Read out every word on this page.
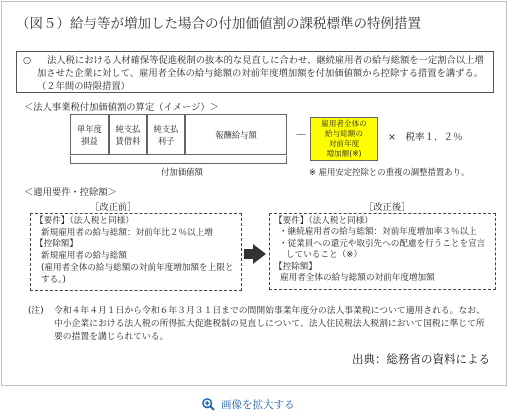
（図５）給与等が増加した場合の付加価値割の課税標準の特例措置
○	法人税における人材確保等促進税制の抜本的な見直しに合わせ、継続雇用者の給与総額を一定割合以上増加させた企業に対して、雇用者全体の給与総額の対前年度増加額を付加価値額から控除する措置を講ずる。（２年間の時限措置）
＜法人事業税付加価値割の算定（イメージ）＞
単年度
損益
純支払
賃借料
純支払
利子
報酬給与額	－
雇用者全体の
給与総額の
対前年度
増加額(※)
×　税率１．２％
付加価値額	※ 雇用安定控除との重複の調整措置あり。
＜適用要件・控除額＞
［改正前］	［改正後］
【要件】（法人税と同様）
新規雇用者の給与総額：対前年比２％以上増
【控除額】
新規雇用者の給与総額
(雇用者全体の給与総額の対前年度増加額を上限とする。)
【要件】（法人税と同様）
・継続雇用者の給与総額：対前年度増加率３％以上
・従業員への還元や取引先への配慮を行うことを宣言していること（※）
【控除額】
雇用者全体の給与総額の対前年度増加額
(注) 令和４年４月１日から令和６年３月３１日までの間開始事業年度分の法人事業税について適用される。なお、中小企業における法人税の所得拡大促進税制の見直しについて、法人住民税法人税割において国税に準じて所要の措置を講じられている。
出典：総務省の資料による
画像を拡大する
